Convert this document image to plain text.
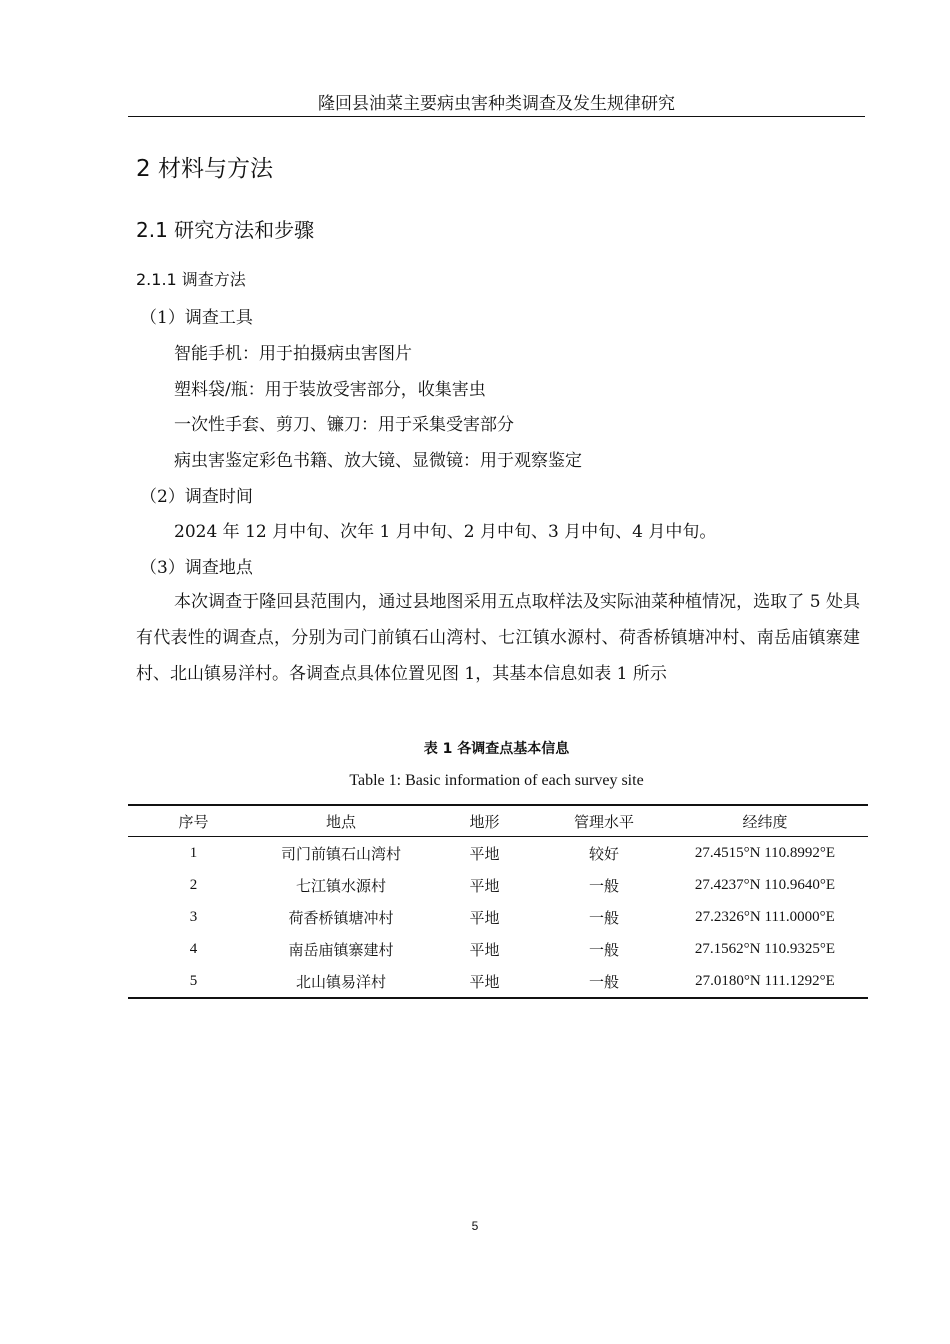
隆回县油菜主要病虫害种类调查及发生规律研究
2 材料与方法
2.1 研究方法和步骤
2.1.1 调查方法
（1）调查工具
智能手机：用于拍摄病虫害图片
塑料袋/瓶：用于装放受害部分，收集害虫
一次性手套、剪刀、镰刀：用于采集受害部分
病虫害鉴定彩色书籍、放大镜、显微镜：用于观察鉴定
（2）调查时间
2024 年 12 月中旬、次年 1 月中旬、2 月中旬、3 月中旬、4 月中旬。
（3）调查地点
本次调查于隆回县范围内，通过县地图采用五点取样法及实际油菜种植情况，选取了 5 处具有代表性的调查点，分别为司门前镇石山湾村、七江镇水源村、荷香桥镇塘冲村、南岳庙镇寨建村、北山镇易洋村。各调查点具体位置见图 1，其基本信息如表 1 所示
表 1 各调查点基本信息
Table 1: Basic information of each survey site
序号	地点	地形	管理水平	经纬度
1	司门前镇石山湾村	平地	较好	27.4515°N 110.8992°E
2	七江镇水源村	平地	一般	27.4237°N 110.9640°E
3	荷香桥镇塘冲村	平地	一般	27.2326°N 111.0000°E
4	南岳庙镇寨建村	平地	一般	27.1562°N 110.9325°E
5	北山镇易洋村	平地	一般	27.0180°N 111.1292°E
5
